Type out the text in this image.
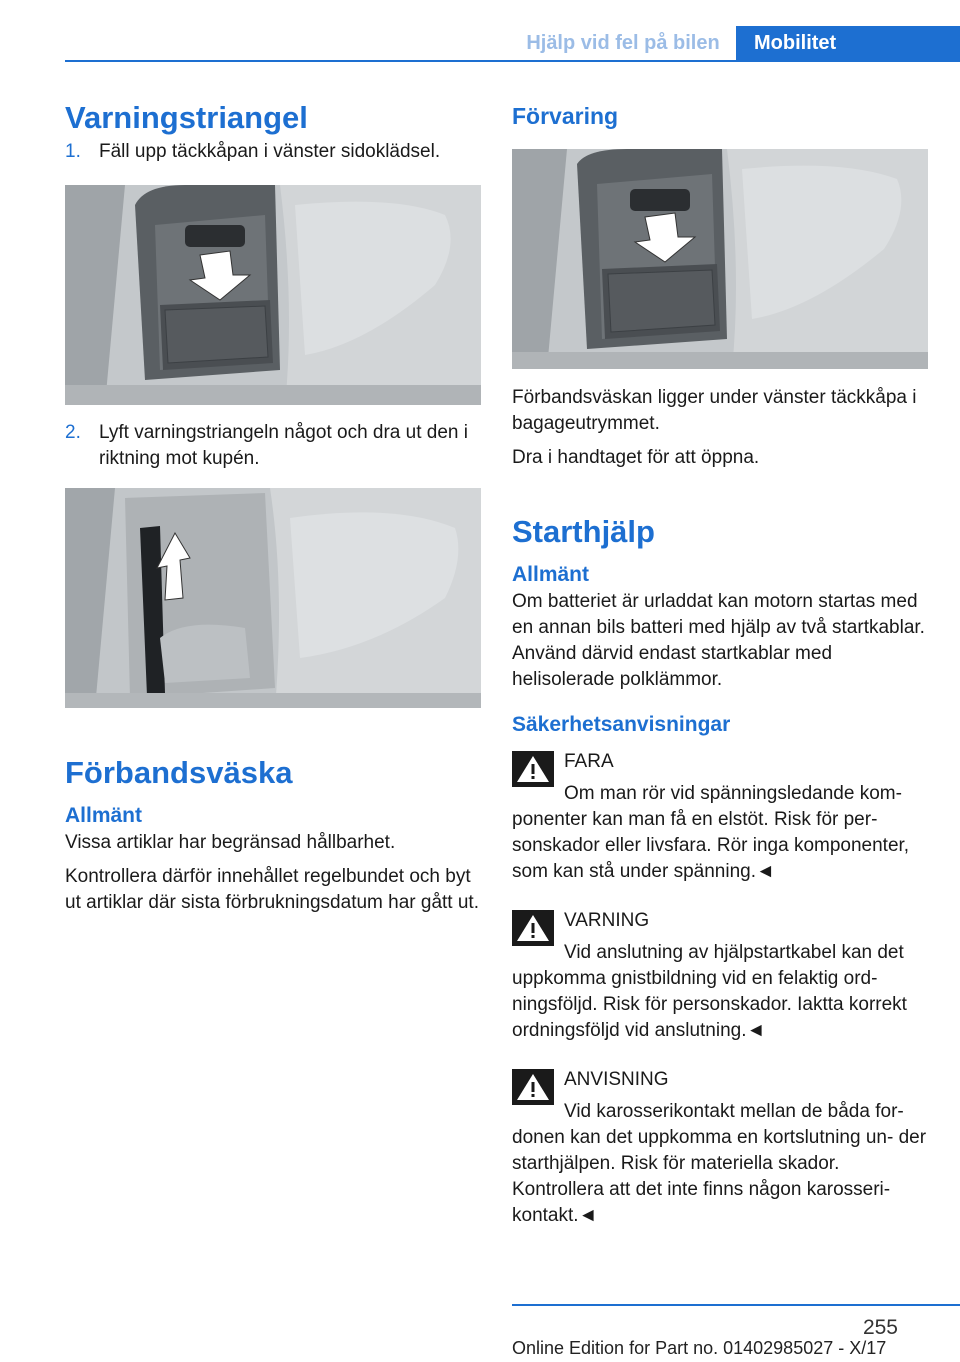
Hjälp vid fel på bilen	Mobilitet
Varningstriangel
1. Fäll upp täckkåpan i vänster sidoklädsel.
2. Lyft varningstriangeln något och dra ut den i riktning mot kupén.
Förbandsväska
Allmänt

Vissa artiklar har begränsad hållbarhet.

Kontrollera därför innehållet regelbundet och byt ut artiklar där sista förbrukningsdatum har gått ut.

Förvaring

Förbandsväskan ligger under vänster täckkåpa i bagageutrymmet.

Dra i handtaget för att öppna.

Starthjälp
Allmänt

Om batteriet är urladdat kan motorn startas med en annan bils batteri med hjälp av två startkablar. Använd därvid endast startkablar med helisolerade polklämmor.

Säkerhetsanvisningar
FARA
Om man rör vid spänningsledande kom‐
ponenter kan man få en elstöt. Risk för per‐ sonskador eller livsfara. Rör inga komponenter, som kan stå under spänning.◄
VARNING
Vid anslutning av hjälpstartkabel kan det
uppkomma gnistbildning vid en felaktig ord‐ ningsföljd. Risk för personskador. Iaktta korrekt ordningsföljd vid anslutning.◄
ANVISNING
Vid karosserikontakt mellan de båda for‐
donen kan det uppkomma en kortslutning un‐ der starthjälpen. Risk för materiella skador. Kontrollera att det inte finns någon karosseri‐ kontakt.◄
255
Online Edition for Part no. 01402985027 - X/17
